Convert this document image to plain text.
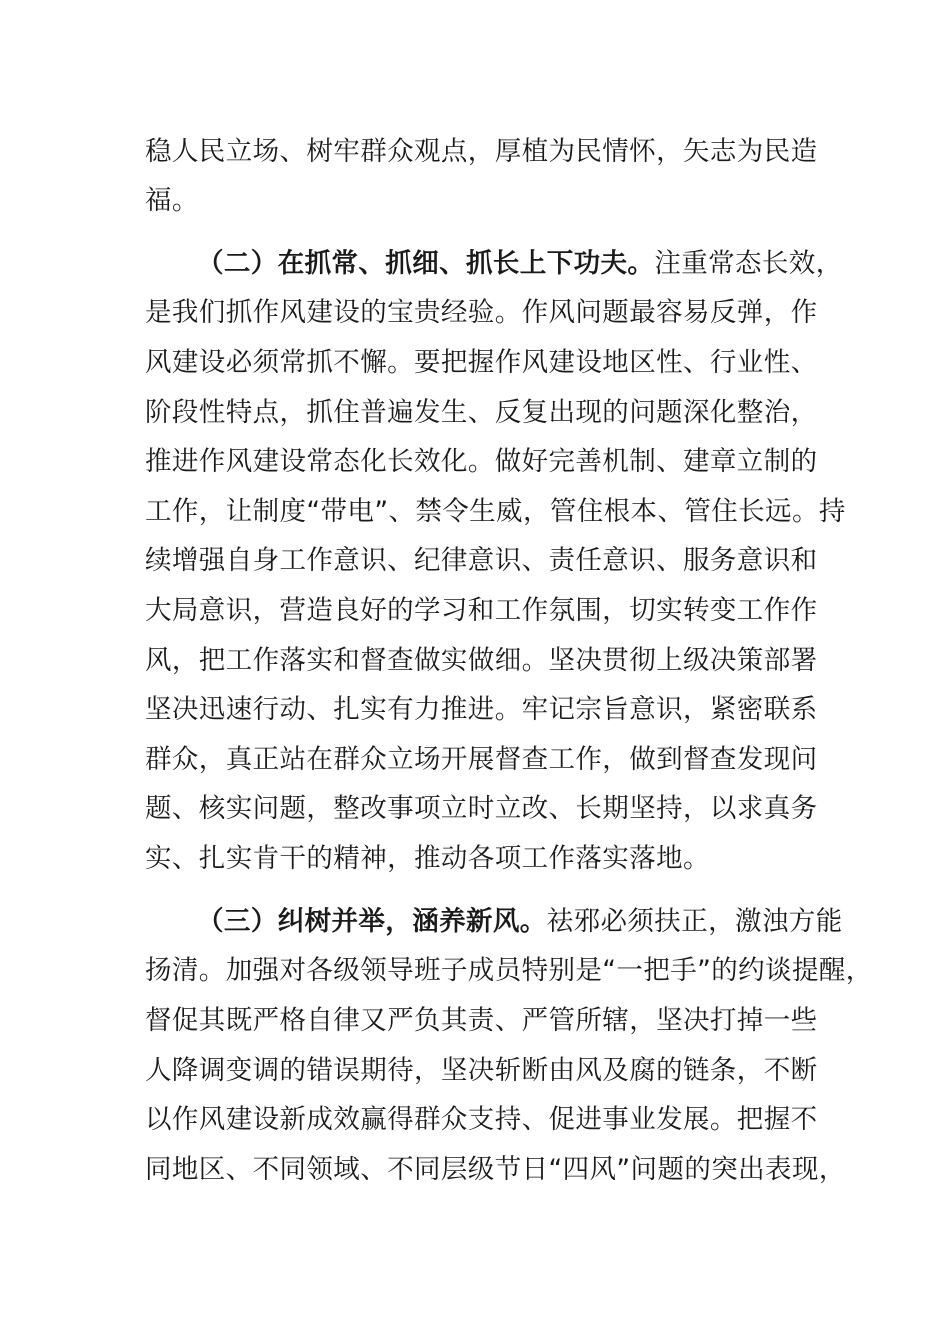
稳人民立场、树牢群众观点，厚植为民情怀，矢志为民造
福。
（二）在抓常、抓细、抓长上下功夫。注重常态长效，
是我们抓作风建设的宝贵经验。作风问题最容易反弹，作
风建设必须常抓不懈。要把握作风建设地区性、行业性、
阶段性特点，抓住普遍发生、反复出现的问题深化整治，
推进作风建设常态化长效化。做好完善机制、建章立制的
工作，让制度“带电”、禁令生威，管住根本、管住长远。持
续增强自身工作意识、纪律意识、责任意识、服务意识和
大局意识，营造良好的学习和工作氛围，切实转变工作作
风，把工作落实和督查做实做细。坚决贯彻上级决策部署
坚决迅速行动、扎实有力推进。牢记宗旨意识，紧密联系
群众，真正站在群众立场开展督查工作，做到督查发现问
题、核实问题，整改事项立时立改、长期坚持，以求真务
实、扎实肯干的精神，推动各项工作落实落地。
（三）纠树并举，涵养新风。祛邪必须扶正，激浊方能
扬清。加强对各级领导班子成员特别是“一把手”的约谈提醒，
督促其既严格自律又严负其责、严管所辖，坚决打掉一些
人降调变调的错误期待，坚决斩断由风及腐的链条，不断
以作风建设新成效赢得群众支持、促进事业发展。把握不
同地区、不同领域、不同层级节日“四风”问题的突出表现，
